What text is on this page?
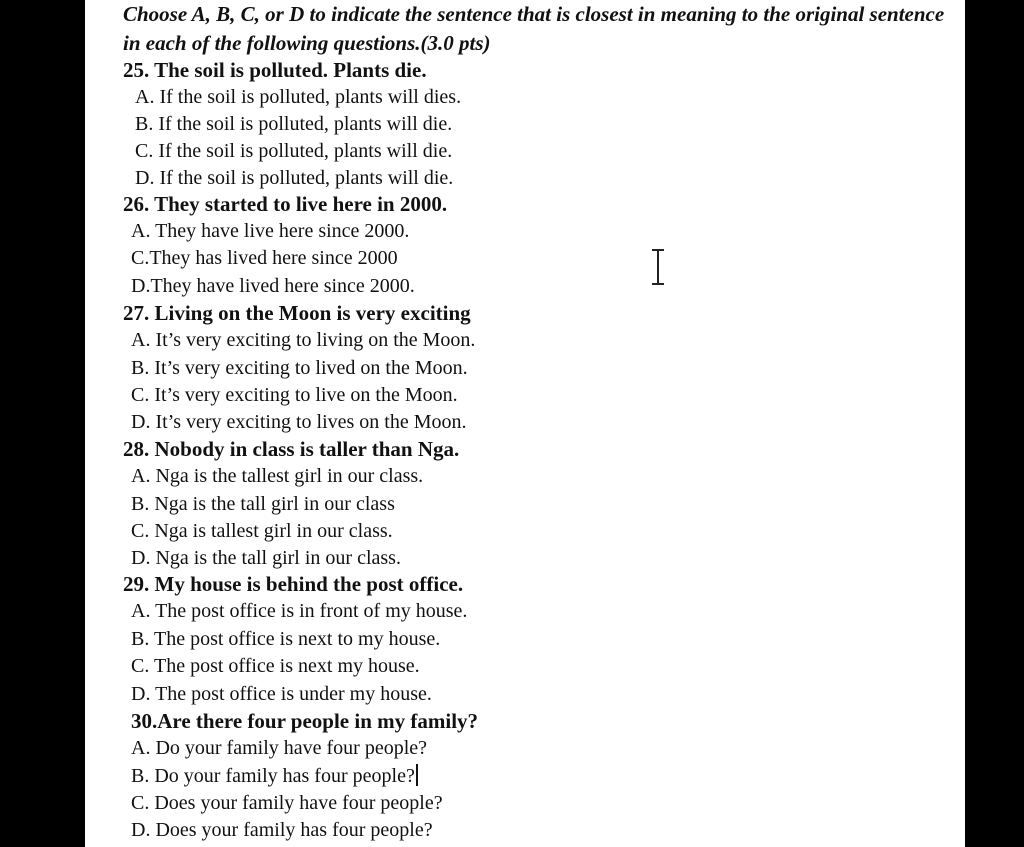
Choose A, B, C, or D to indicate the sentence that is closest in meaning to the original sentence in each of the following questions.(3.0 pts)
25. The soil is polluted. Plants die.
A. If the soil is polluted, plants will dies.
B. If the soil is polluted, plants will die.
C. If the soil is polluted, plants will die.
D. If the soil is polluted, plants will die.
26. They started to live here in 2000.
A. They have live here since 2000.
C.They has lived here since 2000
D.They have lived here since 2000.
27. Living on the Moon is very exciting
A. It’s very exciting to living on the Moon.
B. It’s very exciting to lived on the Moon.
C. It’s very exciting to live on the Moon.
D. It’s very exciting to lives on the Moon.
28. Nobody in class is taller than Nga.
A. Nga is the tallest girl in our class.
B. Nga is the tall girl in our class
C. Nga is tallest girl in our class.
D. Nga is the tall girl in our class.
29. My house is behind the post office.
A. The post office is in front of my house.
B. The post office is next to my house.
C. The post office is next my house.
D. The post office is under my house.
30.Are there four people in my family?
A. Do your family have four people?
B. Do your family has four people?
C. Does your family have four people?
D. Does your family has four people?
